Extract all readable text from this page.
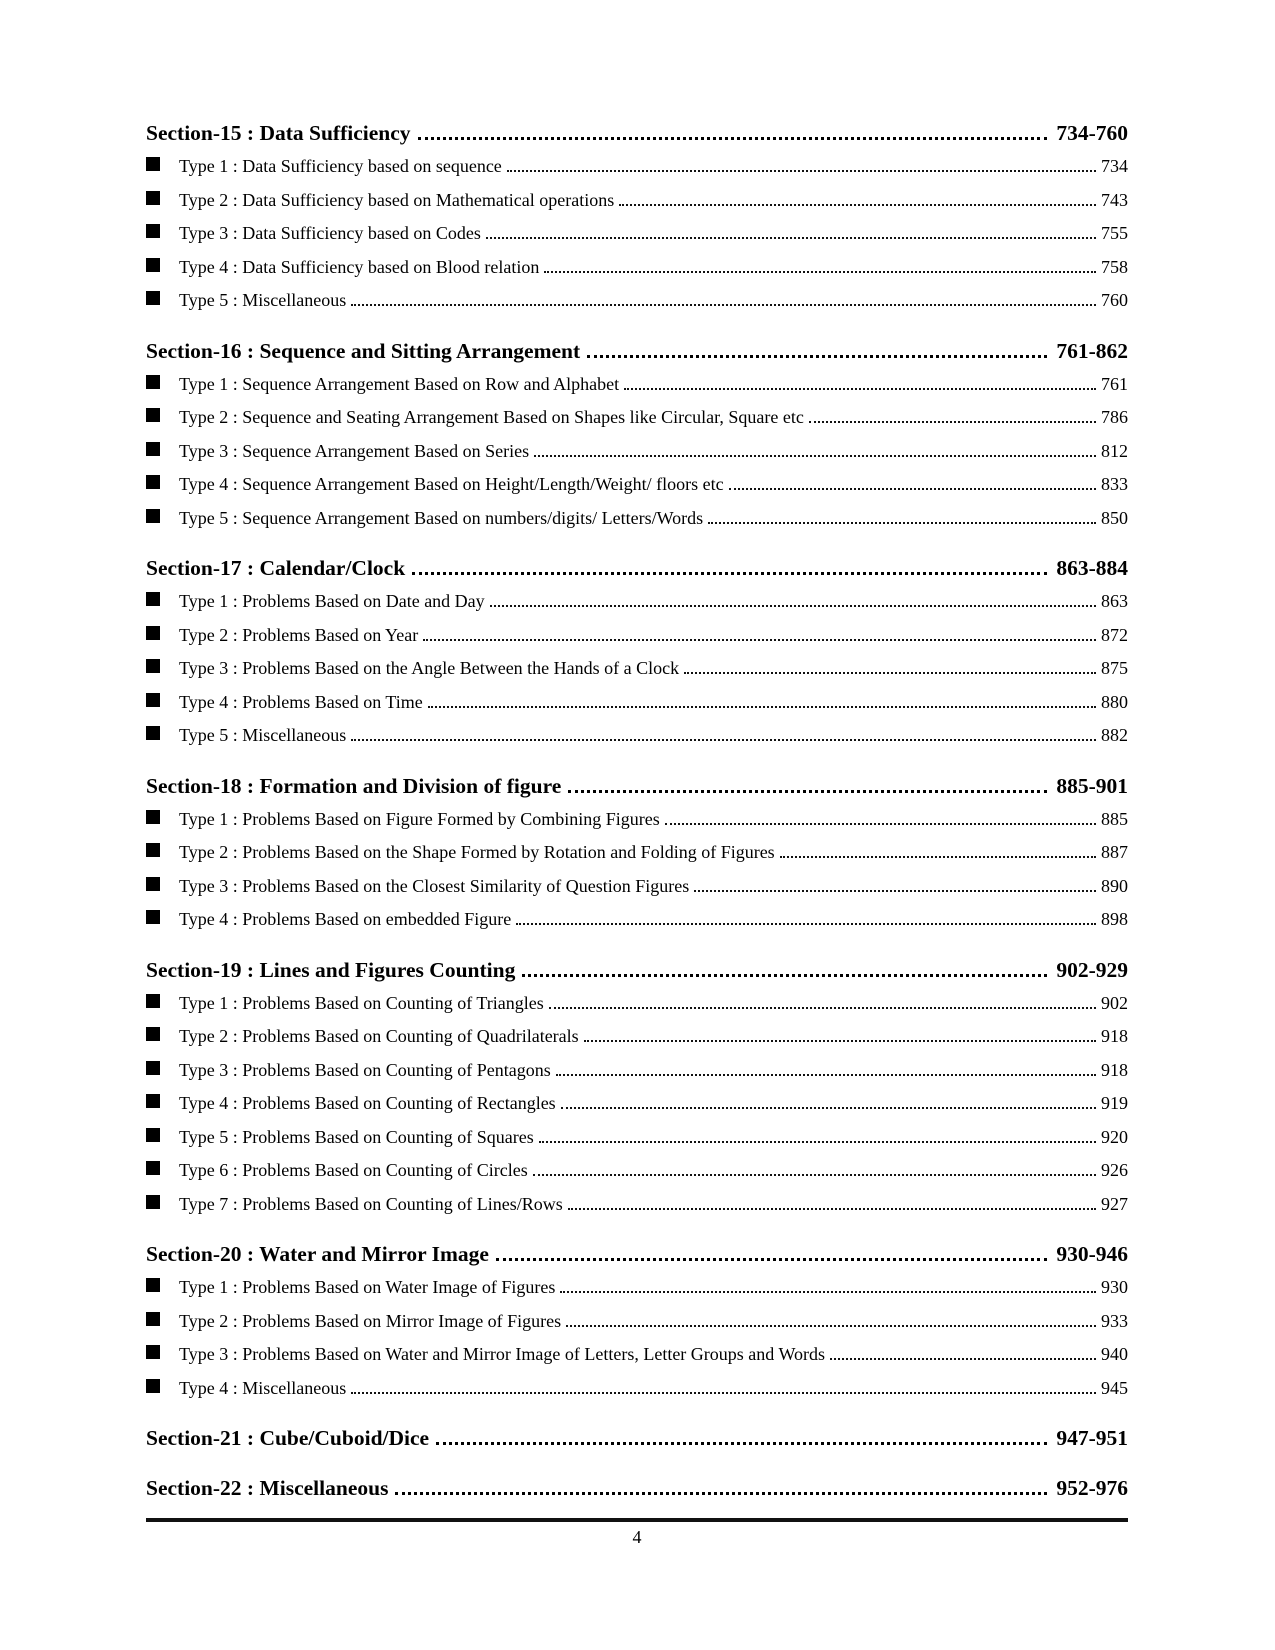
Section-15 : Data Sufficiency	734-760
Type 1 : Data Sufficiency based on sequence	734
Type 2 : Data Sufficiency based on Mathematical operations	743
Type 3 : Data Sufficiency based on Codes	755
Type 4 : Data Sufficiency based on Blood relation	758
Type 5 : Miscellaneous	760
Section-16 : Sequence and Sitting Arrangement	761-862
Type 1 : Sequence Arrangement Based on Row and Alphabet	761
Type 2 : Sequence and Seating Arrangement Based on Shapes like Circular, Square etc	786
Type 3 : Sequence Arrangement Based on Series	812
Type 4 : Sequence Arrangement Based on Height/Length/Weight/ floors etc	833
Type 5 : Sequence Arrangement Based on numbers/digits/ Letters/Words	850
Section-17 : Calendar/Clock	863-884
Type 1 : Problems Based on Date and Day	863
Type 2 : Problems Based on Year	872
Type 3 : Problems Based on the Angle Between the Hands of a Clock	875
Type 4 : Problems Based on Time	880
Type 5 : Miscellaneous	882
Section-18 : Formation and Division of figure	885-901
Type 1 : Problems Based on Figure Formed by Combining Figures	885
Type 2 : Problems Based on the Shape Formed by Rotation and Folding of Figures	887
Type 3 : Problems Based on the Closest Similarity of Question Figures	890
Type 4 : Problems Based on embedded Figure	898
Section-19 : Lines and Figures Counting	902-929
Type 1 : Problems Based on Counting of Triangles	902
Type 2 : Problems Based on Counting of Quadrilaterals	918
Type 3 : Problems Based on Counting of Pentagons	918
Type 4 : Problems Based on Counting of Rectangles	919
Type 5 : Problems Based on Counting of Squares	920
Type 6 : Problems Based on Counting of Circles	926
Type 7 : Problems Based on Counting of Lines/Rows	927
Section-20 : Water and Mirror Image	930-946
Type 1 : Problems Based on Water Image of Figures	930
Type 2 : Problems Based on Mirror Image of Figures	933
Type 3 : Problems Based on Water and Mirror Image of Letters, Letter Groups and Words	940
Type 4 : Miscellaneous	945
Section-21 : Cube/Cuboid/Dice	947-951
Section-22 : Miscellaneous	952-976
4
